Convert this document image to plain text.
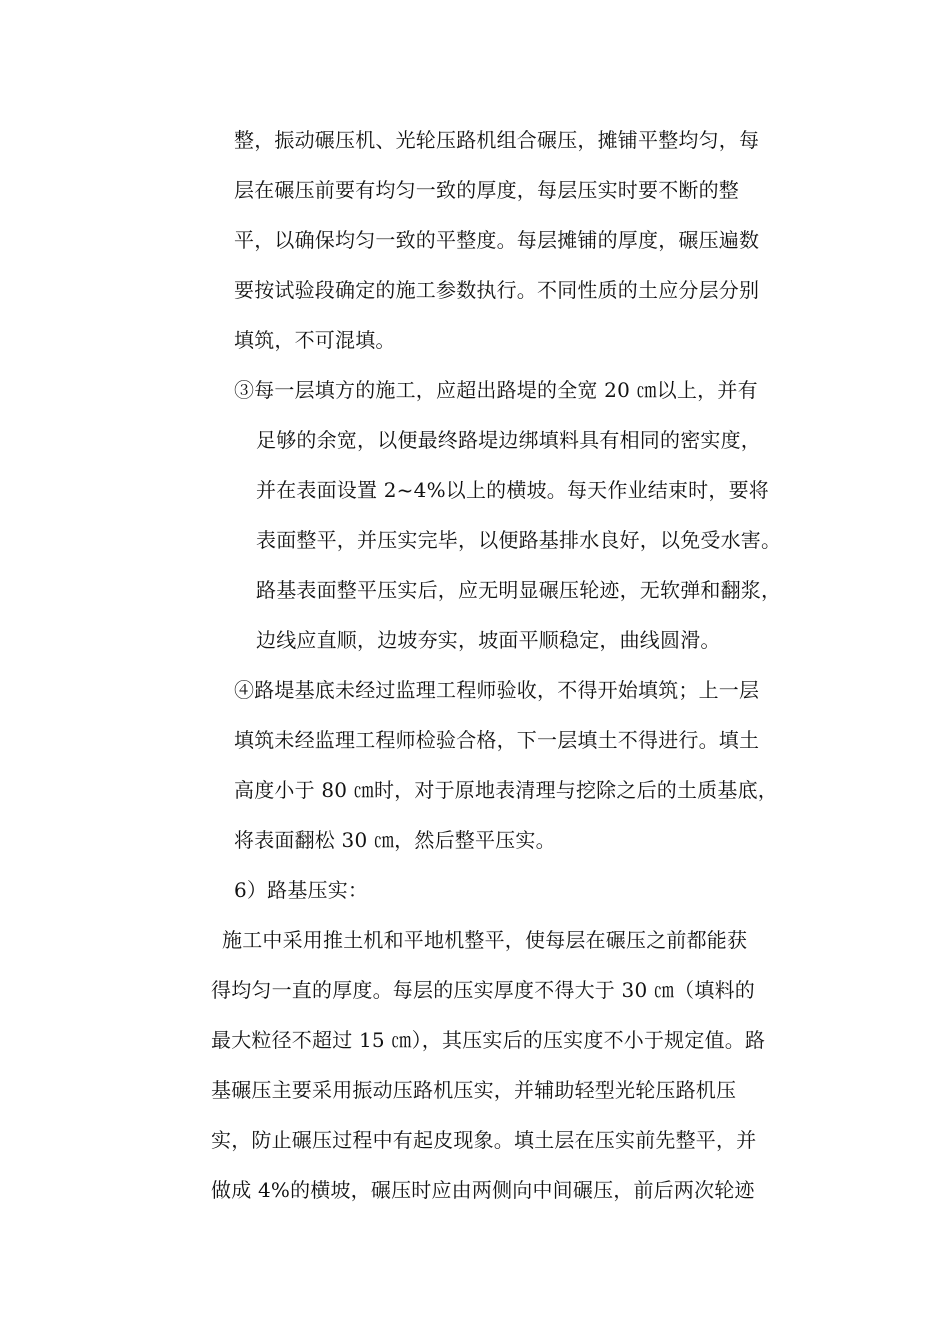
整，振动碾压机、光轮压路机组合碾压，摊铺平整均匀，每

层在碾压前要有均匀一致的厚度，每层压实时要不断的整

平，以确保均匀一致的平整度。每层摊铺的厚度，碾压遍数

要按试验段确定的施工参数执行。不同性质的土应分层分别

填筑，不可混填。

③每一层填方的施工，应超出路堤的全宽 20 ㎝以上，并有

足够的余宽，以便最终路堤边绑填料具有相同的密实度，

并在表面设置 2~4%以上的横坡。每天作业结束时，要将

表面整平，并压实完毕，以便路基排水良好，以免受水害。

路基表面整平压实后，应无明显碾压轮迹，无软弹和翻浆，

边线应直顺，边坡夯实，坡面平顺稳定，曲线圆滑。

④路堤基底未经过监理工程师验收，不得开始填筑；上一层

填筑未经监理工程师检验合格，下一层填土不得进行。填土

高度小于 80 ㎝时，对于原地表清理与挖除之后的土质基底，

将表面翻松 30 ㎝，然后整平压实。

6）路基压实：

施工中采用推土机和平地机整平，使每层在碾压之前都能获

得均匀一直的厚度。每层的压实厚度不得大于 30 ㎝（填料的

最大粒径不超过 15 ㎝），其压实后的压实度不小于规定值。路

基碾压主要采用振动压路机压实，并辅助轻型光轮压路机压

实，防止碾压过程中有起皮现象。填土层在压实前先整平，并

做成 4%的横坡，碾压时应由两侧向中间碾压，前后两次轮迹
